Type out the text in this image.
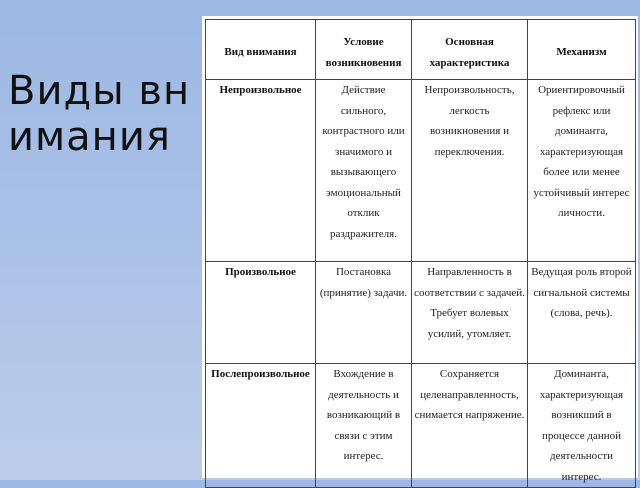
Виды внимания
Вид внимания	Условие возникновения	Основная характеристика	Механизм
Непроизвольное	Действие сильного, контрастного или значимого и вызывающего эмоциональный отклик раздражителя.	Непроизвольность, легкость возникновения и переключения.	Ориентировочный рефлекс или доминанта, характеризующая более или менее устойчивый интерес личности.
Произвольное	Постановка (принятие) задачи.	Направленность в соответствии с задачей. Требует волевых усилий, утомляет.	Ведущая роль второй сигнальной системы (слова, речь).
Послепроизвольное	Вхождение в деятельность и возникающий в связи с этим интерес.	Сохраняется целенаправленность, снимается напряжение.	Доминанта, характеризующая возникший в процессе данной деятельности интерес.
